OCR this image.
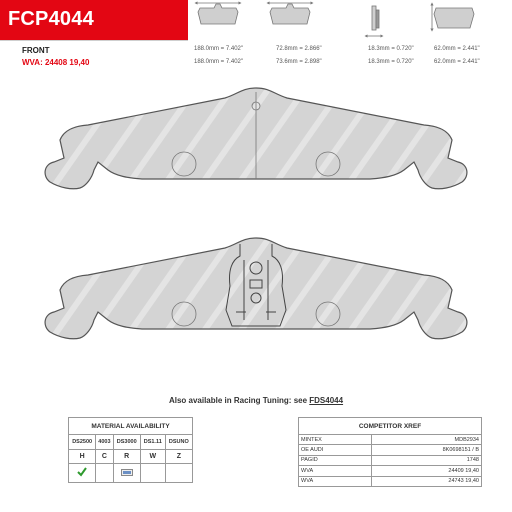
FCP4044
FRONT
WVA: 24408 19,40
188.0mm = 7.402"	72.8mm = 2.866"	18.3mm = 0.720"	62.0mm = 2.441"
188.0mm = 7.402"	73.6mm = 2.898"	18.3mm = 0.720"	62.0mm = 2.441"
Also available in Racing Tuning: see FDS4044
MATERIAL AVAILABILITY				
DS2500	4003	DS3000	DS1.11	DSUNO
H	C	R	W	Z

COMPETITOR XREF	
MINTEX	MDB2934
OE AUDI	8K0698151 / B
PAGID	1748
WVA	24409 19,40
WVA	24743 19,40
